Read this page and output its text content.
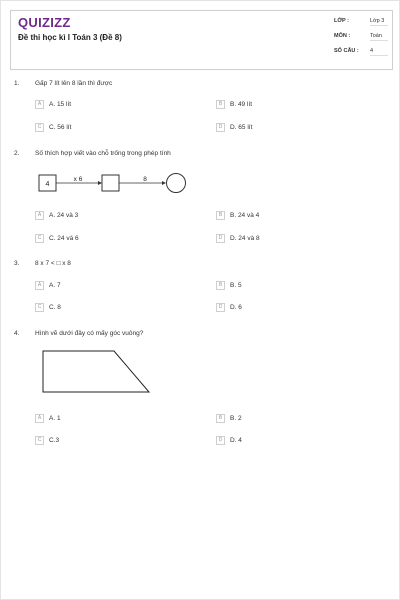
QUIZIZZ
Đề thi học kì I Toán 3 (Đề 8)
LỚP :	Lớp 3
MÔN :	Toán
SỐ CÂU : 4
1. Gấp 7 lít lên 8 lần thì được
A A. 15 lít	B B. 49 lít
C C. 56 lít	D D. 65 lít
2. Số thích hợp viết vào chỗ trống trong phép tính
4
x 6	8
A A. 24 và 3	B B. 24 và 4
C C. 24 và 6	D D. 24 và 8
3. 8 x 7 < □ x 8
A A. 7	B B. 5
C C. 8	D D. 6
4. Hình vẽ dưới đây có mấy góc vuông?
A A. 1	B B. 2
C C.3	D D. 4
